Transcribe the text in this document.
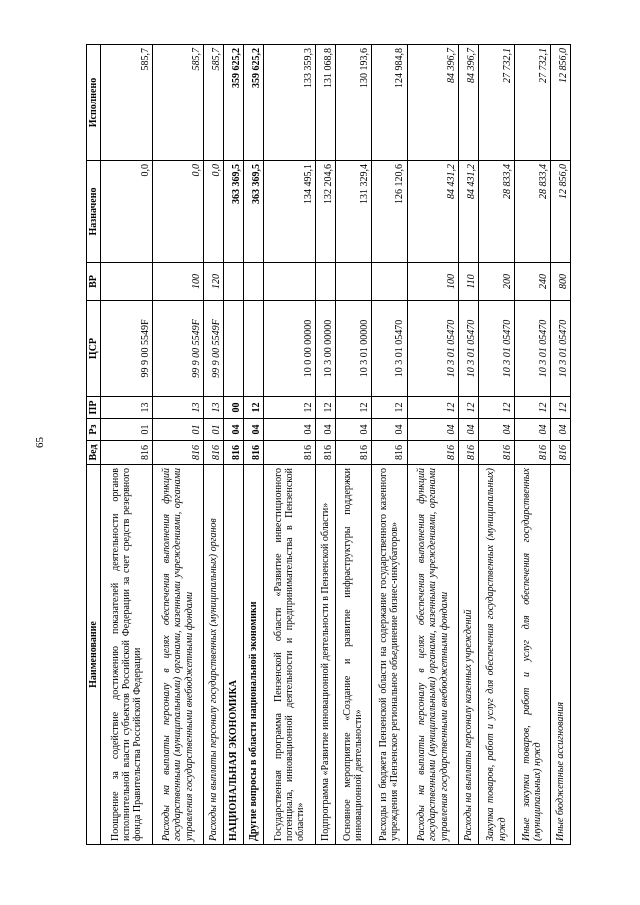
65
Наименование	Вед	Рз	ПР	ЦСР	ВР	Назначено	Исполнено
Поощрение за содействие достижению показателей деятельности органов исполнительной власти субъектов Российской Федерации за счет средств резервного фонда Правительства Российской Федерации	816	01	13	99 9 00 5549F		0,0	585,7
Расходы на выплаты персоналу в целях обеспечения выполнения функций государственными (муниципальными) органами, казенными учреждениями, органами управления государственными внебюджетными фондами	816	01	13	99 9 00 5549F	100	0,0	585,7
Расходы на выплаты персоналу государственных (муниципальных) органов	816	01	13	99 9 00 5549F	120	0,0	585,7
НАЦИОНАЛЬНАЯ ЭКОНОМИКА	816	04	00			363 369,5	359 625,2
Другие вопросы в области национальной экономики	816	04	12			363 369,5	359 625,2
Государственная программа Пензенской области «Развитие инвестиционного потенциала, инновационной деятельности и предпринимательства в Пензенской области»	816	04	12	10 0 00 00000		134 495,1	133 359,3
Подпрограмма «Развитие инновационной деятельности в Пензенской области»	816	04	12	10 3 00 00000		132 204,6	131 068,8
Основное мероприятие «Создание и развитие инфраструктуры поддержки инновационной деятельности»	816	04	12	10 3 01 00000		131 329,4	130 193,6
Расходы из бюджета Пензенской области на содержание государственного казенного учреждения «Пензенское региональное объединение бизнес-инкубаторов»	816	04	12	10 3 01 05470		126 120,6	124 984,8
Расходы на выплаты персоналу в целях обеспечения выполнения функций государственными (муниципальными) органами, казенными учреждениями, органами управления государственными внебюджетными фондами	816	04	12	10 3 01 05470	100	84 431,2	84 396,7
Расходы на выплаты персоналу казенных учреждений	816	04	12	10 3 01 05470	110	84 431,2	84 396,7
Закупка товаров, работ и услуг для обеспечения государственных (муниципальных) нужд	816	04	12	10 3 01 05470	200	28 833,4	27 732,1
Иные закупки товаров, работ и услуг для обеспечения государственных (муниципальных) нужд	816	04	12	10 3 01 05470	240	28 833,4	27 732,1
Иные бюджетные ассигнования	816	04	12	10 3 01 05470	800	12 856,0	12 856,0
